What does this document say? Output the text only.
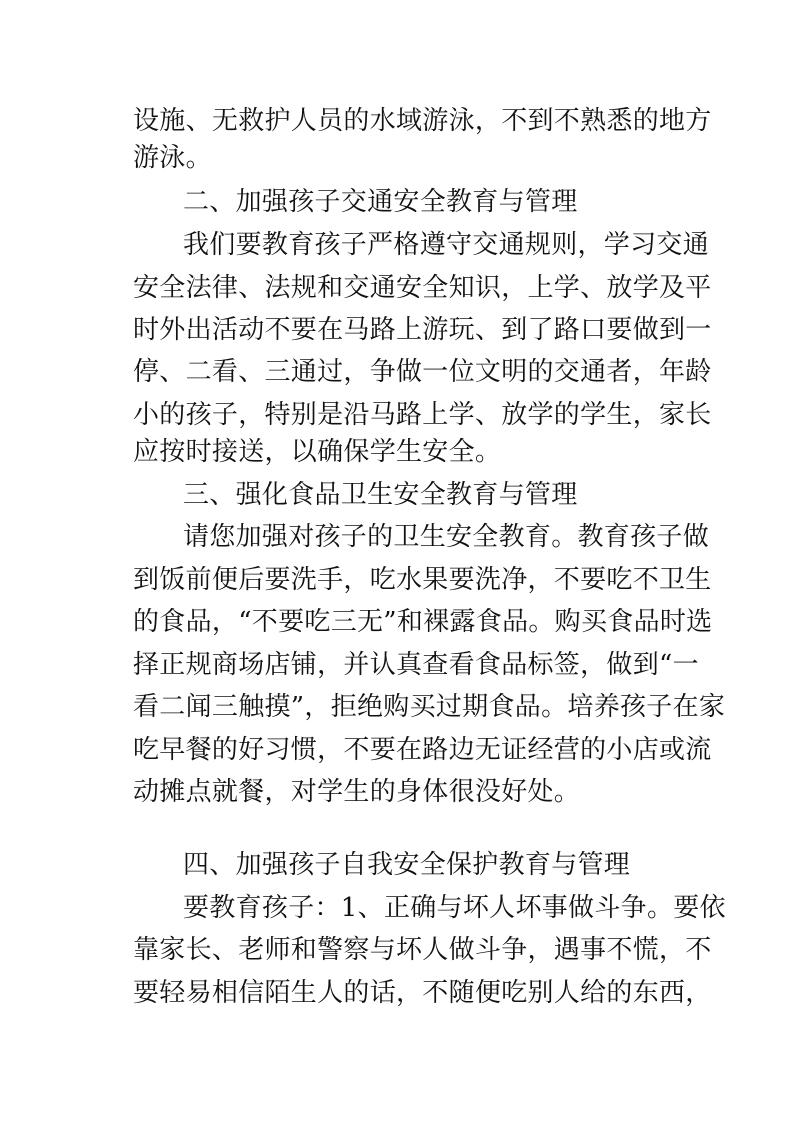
设施、无救护人员的水域游泳，不到不熟悉的地方
游泳。
二、加强孩子交通安全教育与管理
我们要教育孩子严格遵守交通规则，学习交通
安全法律、法规和交通安全知识，上学、放学及平
时外出活动不要在马路上游玩、到了路口要做到一
停、二看、三通过，争做一位文明的交通者，年龄
小的孩子，特别是沿马路上学、放学的学生，家长
应按时接送，以确保学生安全。
三、强化食品卫生安全教育与管理
请您加强对孩子的卫生安全教育。教育孩子做
到饭前便后要洗手，吃水果要洗净，不要吃不卫生
的食品，“不要吃三无”和裸露食品。购买食品时选
择正规商场店铺，并认真查看食品标签，做到“一
看二闻三触摸”，拒绝购买过期食品。培养孩子在家
吃早餐的好习惯，不要在路边无证经营的小店或流
动摊点就餐，对学生的身体很没好处。
四、加强孩子自我安全保护教育与管理
要教育孩子：1、正确与坏人坏事做斗争。要依
靠家长、老师和警察与坏人做斗争，遇事不慌，不
要轻易相信陌生人的话，不随便吃别人给的东西，
